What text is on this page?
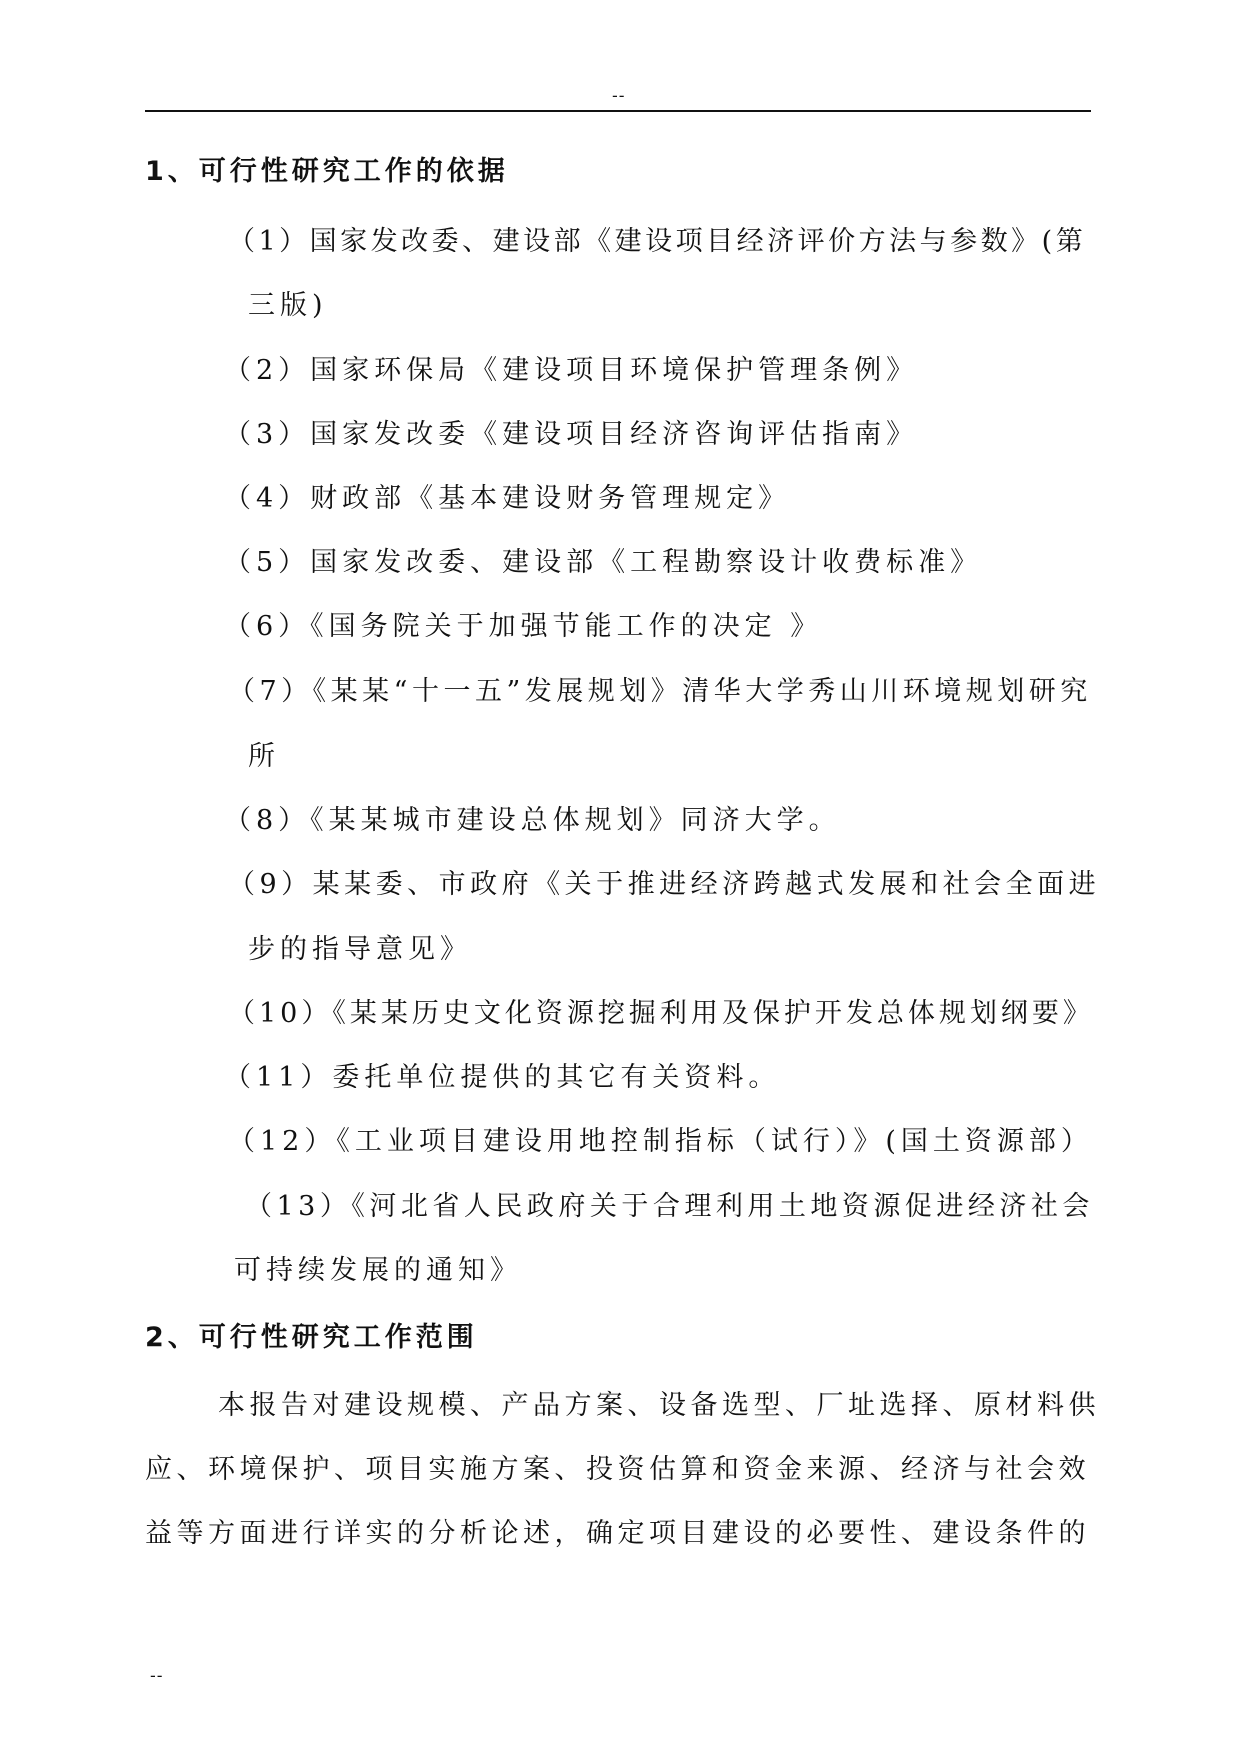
--
1、可行性研究工作的依据
（1）国家发改委、建设部《建设项目经济评价方法与参数》(第
三版)
（2）国家环保局《建设项目环境保护管理条例》
（3）国家发改委《建设项目经济咨询评估指南》
（4）财政部《基本建设财务管理规定》
（5）国家发改委、建设部《工程勘察设计收费标准》
（6）《国务院关于加强节能工作的决定 》
（7）《某某“十一五”发展规划》清华大学秀山川环境规划研究
所
（8）《某某城市建设总体规划》同济大学。
（9）某某委、市政府《关于推进经济跨越式发展和社会全面进
步的指导意见》
（10）《某某历史文化资源挖掘利用及保护开发总体规划纲要》
（11）委托单位提供的其它有关资料。
（12）《工业项目建设用地控制指标（试行）》(国土资源部）
（13）《河北省人民政府关于合理利用土地资源促进经济社会
可持续发展的通知》
2、可行性研究工作范围
本报告对建设规模、产品方案、设备选型、厂址选择、原材料供
应、环境保护、项目实施方案、投资估算和资金来源、经济与社会效
益等方面进行详实的分析论述，确定项目建设的必要性、建设条件的
--
